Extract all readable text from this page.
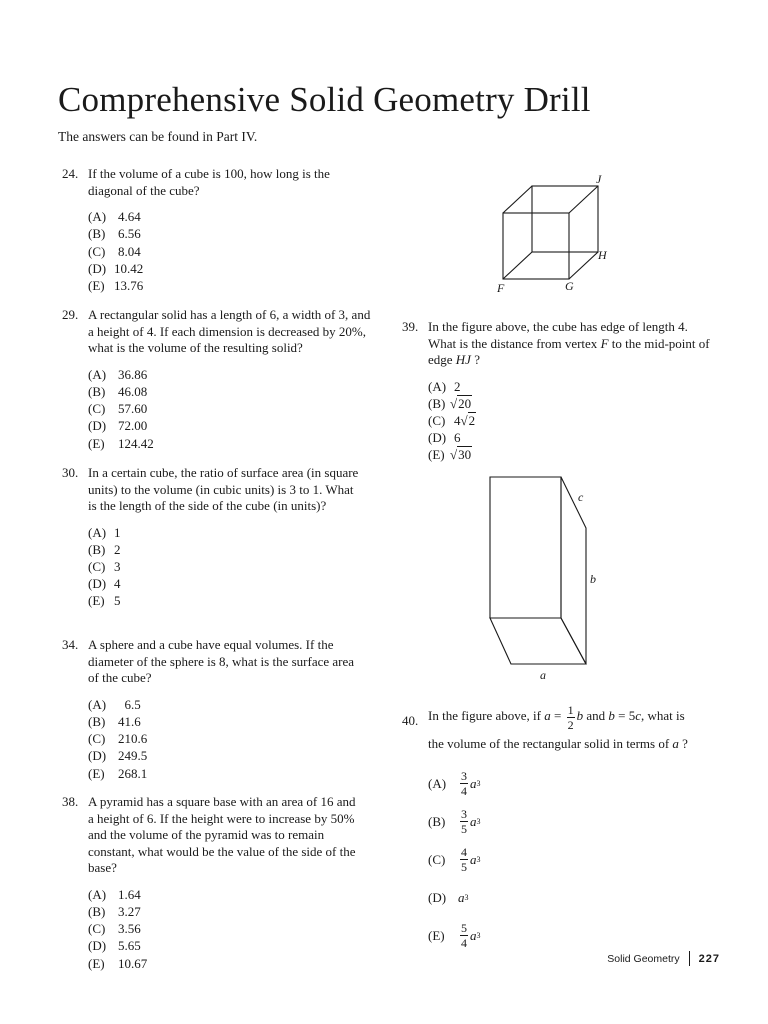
Comprehensive Solid Geometry Drill

The answers can be found in Part IV.

24. If the volume of a cube is 100, how long is the diagonal of the cube?
(A) 4.64
(B) 6.56
(C) 8.04
(D) 10.42
(E) 13.76
29. A rectangular solid has a length of 6, a width of 3, and a height of 4. If each dimension is decreased by 20%, what is the volume of the resulting solid?
(A) 36.86
(B) 46.08
(C) 57.60
(D) 72.00
(E) 124.42
30. In a certain cube, the ratio of surface area (in square units) to the volume (in cubic units) is 3 to 1. What is the length of the side of the cube (in units)?
(A) 1
(B) 2
(C) 3
(D) 4
(E) 5
34. A sphere and a cube have equal volumes. If the diameter of the sphere is 8, what is the surface area of the cube?
(A)  6.5
(B) 41.6
(C) 210.6
(D) 249.5
(E) 268.1
38. A pyramid has a square base with an area of 16 and a height of 6. If the height were to increase by 50% and the volume of the pyramid was to remain constant, what would be the value of the side of the base?
(A) 1.64
(B) 3.27
(C) 3.56
(D) 5.65
(E) 10.67
J
H
F	G
39. In the figure above, the cube has edge of length 4. What is the distance from vertex F to the mid-point of edge HJ ?
(A) 2
(B) √20
(C) 4√2
(D) 6
(E) √30
c
b
a
40. In the figure above, if $a = \frac{1}{2}$ b and b = 5c, what is
the volume of the rectangular solid in terms of a ?
(A)	$\frac{3}{4}$ a 3
(B)	$\frac{3}{5}$ a 3
(C)	$\frac{4}{5}$ a 3
(D) a 3
(E)	$\frac{5}{4}$ a 3
Solid Geometry 227
